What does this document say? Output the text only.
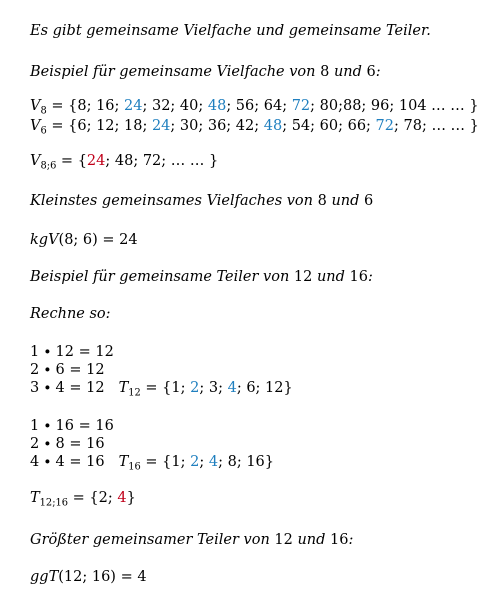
Es gibt gemeinsame Vielfache und gemeinsame Teiler.
Beispiel für gemeinsame Vielfache von 8 und 6:
$V_8 = \{8$; 16; 24; 32; 40; 48; 56; 64; 72; 80;88; 96; 104 … … }
$V_6 = \{6$; 12; 18; 24; 30; 36; 42; 48; 54; 60; 66; 72; 78; … … }
$V_{8;6} = \{24$; 48; 72; … … }
Kleinstes gemeinsames Vielfaches von 8 und 6
kgV(8; 6) = 24
Beispiel für gemeinsame Teiler von 12 und 16:
Rechne so:
1 ∙ 12 = 12
2 ∙ 6 = 12
3 ∙ 4 = 12 $T_{12} = \{1$; 2; 3; 4; 6; 12}
1 ∙ 16 = 16
2 ∙ 8 = 16
4 ∙ 4 = 16 $T_{16} = \{1$; 2; 4; 8; 16}
$T_{12;16} = \{2$; 4}
Größter gemeinsamer Teiler von 12 und 16:
ggT(12; 16) = 4
